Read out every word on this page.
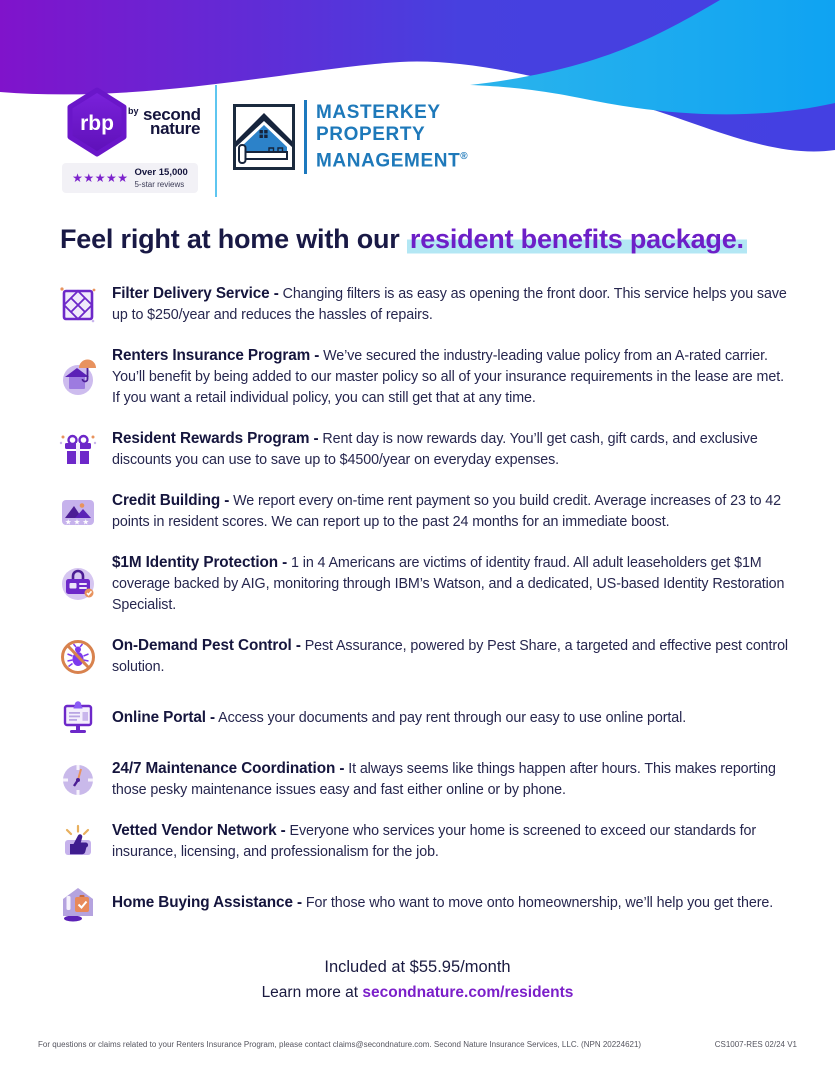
rbp
$^{by}$ second
nature
★★★★★ Over 15,000
5-star reviews
MASTERKEY
PROPERTY
MANAGEMENT®
Feel right at home with our resident benefits package.
Filter Delivery Service - Changing filters is as easy as opening the front door. This service helps you save up to $250/year and reduces the hassles of repairs.
Renters Insurance Program - We’ve secured the industry-leading value policy from an A-rated carrier. You’ll benefit by being added to our master policy so all of your insurance requirements in the lease are met. If you want a retail individual policy, you can still get that at any time.
Resident Rewards Program - Rent day is now rewards day. You’ll get cash, gift cards, and exclusive discounts you can use to save up to $4500/year on everyday expenses.
★★★
Credit Building - We report every on-time rent payment so you build credit. Average increases of 23 to 42 points in resident scores. We can report up to the past 24 months for an immediate boost.
$1M Identity Protection - 1 in 4 Americans are victims of identity fraud. All adult leaseholders get $1M coverage backed by AIG, monitoring through IBM’s Watson, and a dedicated, US-based Identity Restoration Specialist.
On-Demand Pest Control - Pest Assurance, powered by Pest Share, a targeted and effective pest control solution.
Online Portal - Access your documents and pay rent through our easy to use online portal.
24/7 Maintenance Coordination - It always seems like things happen after hours. This makes reporting those pesky maintenance issues easy and fast either online or by phone.
Vetted Vendor Network - Everyone who services your home is screened to exceed our standards for insurance, licensing, and professionalism for the job.
Home Buying Assistance - For those who want to move onto homeownership, we’ll help you get there.
Included at $55.95/month
Learn more at secondnature.com/residents
For questions or claims related to your Renters Insurance Program, please contact claims@secondnature.com. Second Nature Insurance Services, LLC. (NPN 20224621)	CS1007-RES 02/24 V1
